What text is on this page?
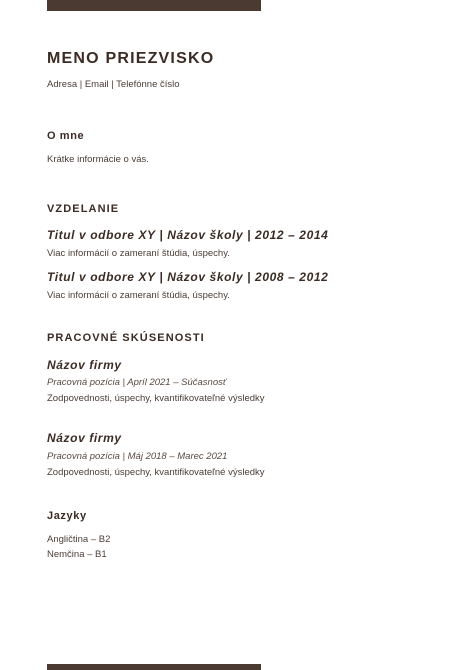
MENO PRIEZVISKO
Adresa | Email | Telefónne číslo
O mne
Krátke informácie o vás.
VZDELANIE
Titul v odbore XY | Názov školy | 2012 – 2014
Viac informácií o zameraní štúdia, úspechy.
Titul v odbore XY | Názov školy | 2008 – 2012
Viac informácií o zameraní štúdia, úspechy.
PRACOVNÉ SKÚSENOSTI
Názov firmy
Pracovná pozícia | Apríl 2021 – Súčasnosť
Zodpovednosti, úspechy, kvantifikovateľné výsledky
Názov firmy
Pracovná pozícia | Máj 2018 – Marec 2021
Zodpovednosti, úspechy, kvantifikovateľné výsledky
Jazyky
Angličtina – B2
Nemčina – B1
